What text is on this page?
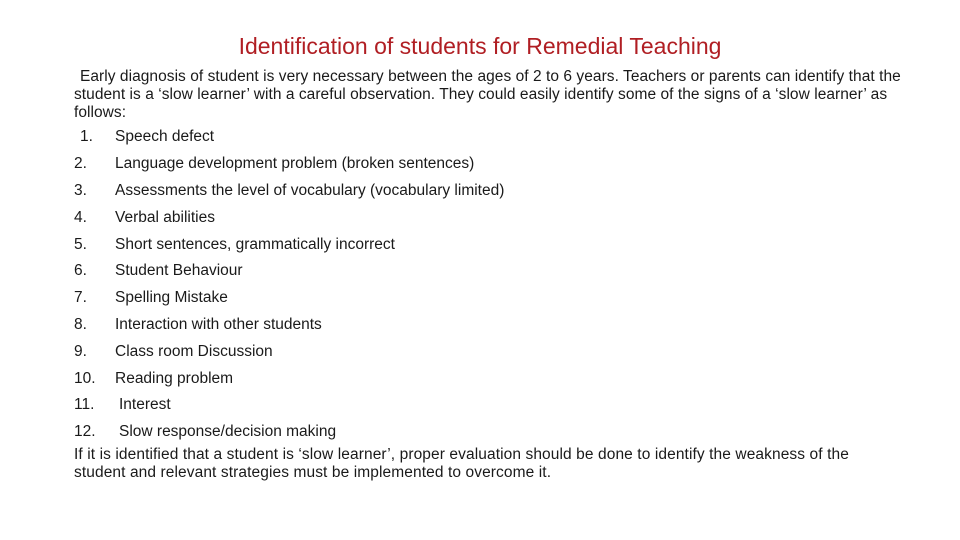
Identification of students for Remedial Teaching

Early diagnosis of student is very necessary between the ages of 2 to 6 years. Teachers or parents can identify that the student is a ‘slow learner’ with a careful observation. They could easily identify some of the signs of a ‘slow learner’ as follows:

1.	Speech defect
2.	Language development problem (broken sentences)
3.	Assessments the level of vocabulary (vocabulary limited)
4.	Verbal abilities
5.	Short sentences, grammatically incorrect
6.	Student Behaviour
7.	Spelling Mistake
8.	Interaction with other students
9.	Class room Discussion
10.	Reading problem
11.	Interest
12.	Slow response/decision making

If it is identified that a student is ‘slow learner’, proper evaluation should be done to identify the weakness of the student and relevant strategies must be implemented to overcome it.
